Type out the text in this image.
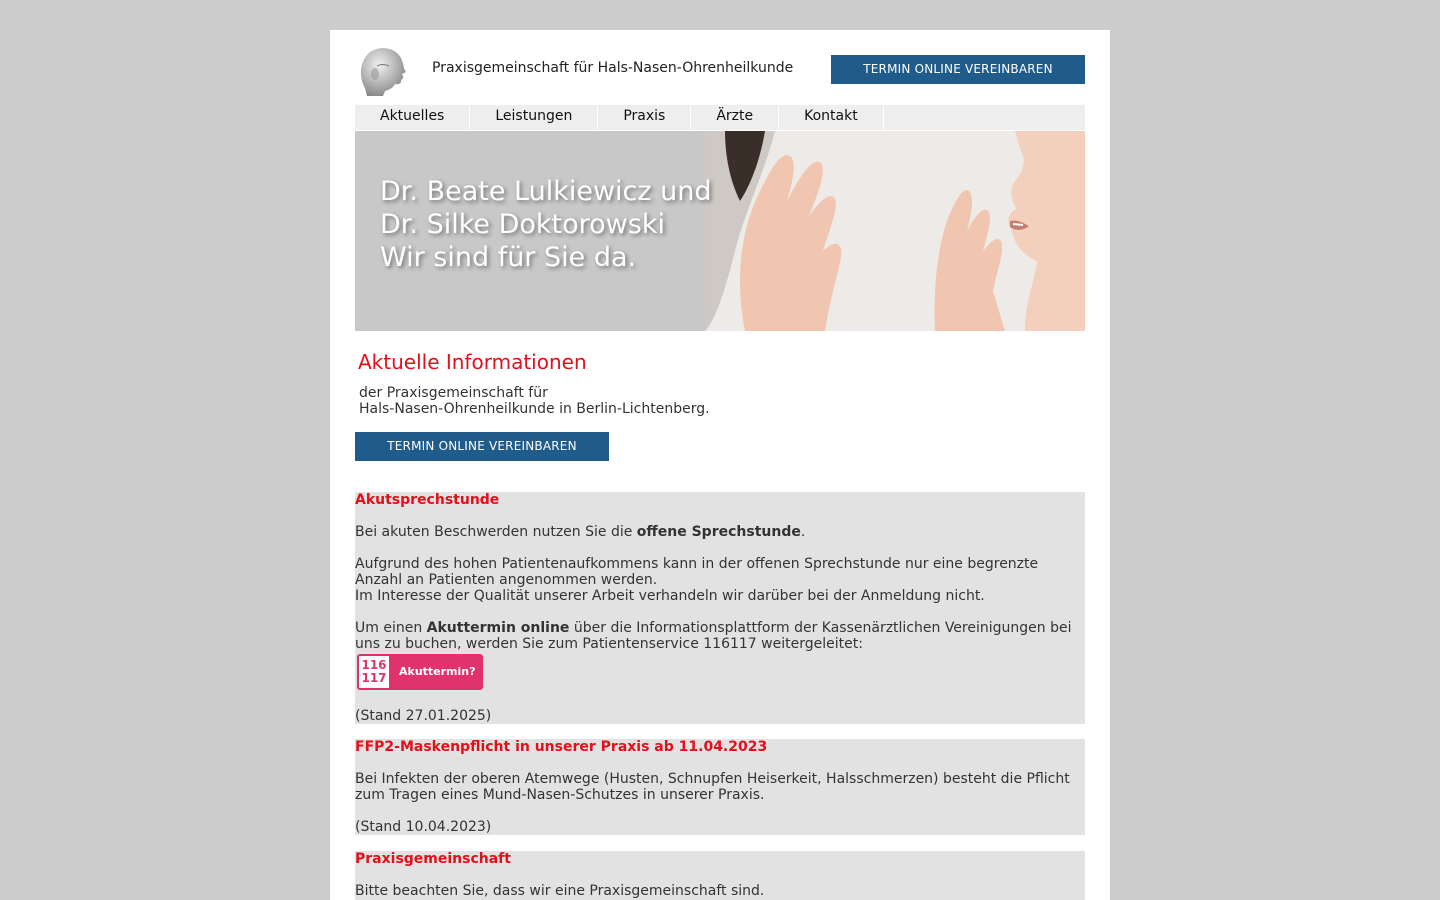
Praxisgemeinschaft für Hals-Nasen-Ohrenheilkunde	TERMIN ONLINE VEREINBAREN
Aktuelles	Leistungen	Praxis	Ärzte	Kontakt
Dr. Beate Lulkiewicz und
Dr. Silke Doktorowski
Wir sind für Sie da.
Aktuelle Informationen
der Praxisgemeinschaft für
Hals-Nasen-Ohrenheilkunde in Berlin-Lichtenberg.
TERMIN ONLINE VEREINBAREN
Akutsprechstunde

Bei akuten Beschwerden nutzen Sie die offene Sprechstunde.

Aufgrund des hohen Patientenaufkommens kann in der offenen Sprechstunde nur eine begrenzte
Anzahl an Patienten angenommen werden.
Im Interesse der Qualität unserer Arbeit verhandeln wir darüber bei der Anmeldung nicht.

Um einen Akuttermin online über die Informationsplattform der Kassenärztlichen Vereinigungen bei
uns zu buchen, werden Sie zum Patientenservice 116117 weitergeleitet:

116
117 Akuttermin?

(Stand 27.01.2025)

FFP2-Maskenpflicht in unserer Praxis ab 11.04.2023

Bei Infekten der oberen Atemwege (Husten, Schnupfen Heiserkeit, Halsschmerzen) besteht die Pflicht
zum Tragen eines Mund-Nasen-Schutzes in unserer Praxis.

(Stand 10.04.2023)

Praxisgemeinschaft

Bitte beachten Sie, dass wir eine Praxisgemeinschaft sind.
